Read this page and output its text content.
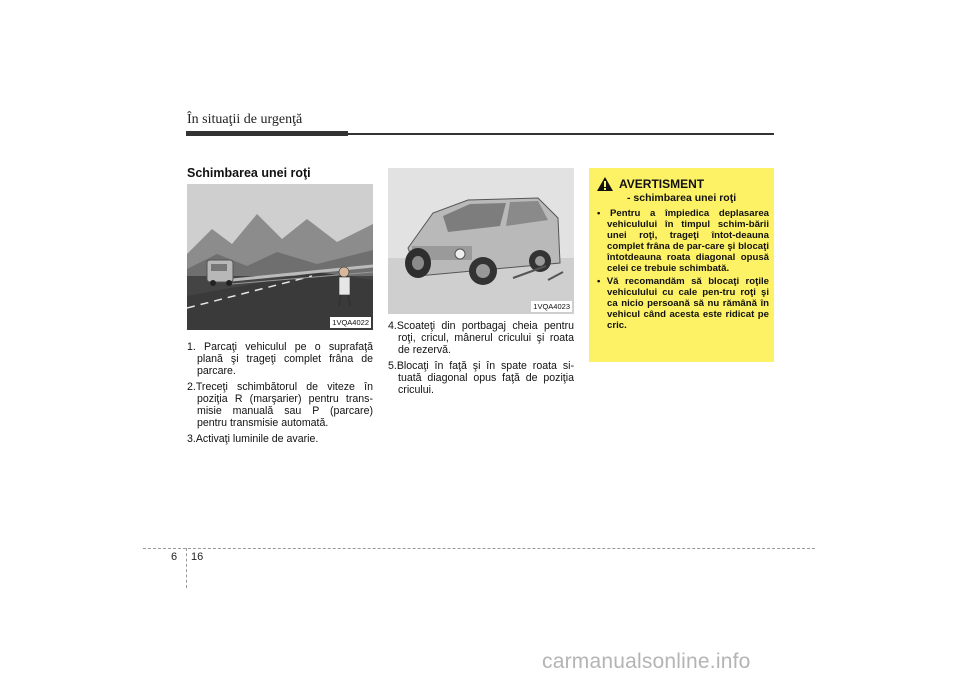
În situaţii de urgenţă
Schimbarea unei roţi
1VQA4022
1VQA4023
1. Parcaţi vehiculul pe o suprafaţă plană şi trageţi complet frâna de parcare.
2.Treceţi schimbătorul de viteze în poziţia R (marşarier) pentru trans-misie manuală sau P (parcare) pentru transmisie automată.
3.Activaţi luminile de avarie.
4.Scoateţi din portbagaj cheia pentru roţi, cricul, mânerul cricului şi roata de rezervă.
5.Blocaţi în faţă şi în spate roata si-tuată diagonal opus faţă de poziţia cricului.
AVERTISMENT
- schimbarea unei roţi
• Pentru a împiedica deplasarea vehiculului în timpul schim-bării unei roţi, trageţi întot-deauna complet frâna de par-care şi blocaţi întotdeauna roata diagonal opusă celei ce trebuie schimbată.
• Vă recomandăm să blocaţi roţile vehiculului cu cale pen-tru roţi şi ca nicio persoană să nu rămână în vehicul când acesta este ridicat pe cric.
6 16
carmanualsonline.info
